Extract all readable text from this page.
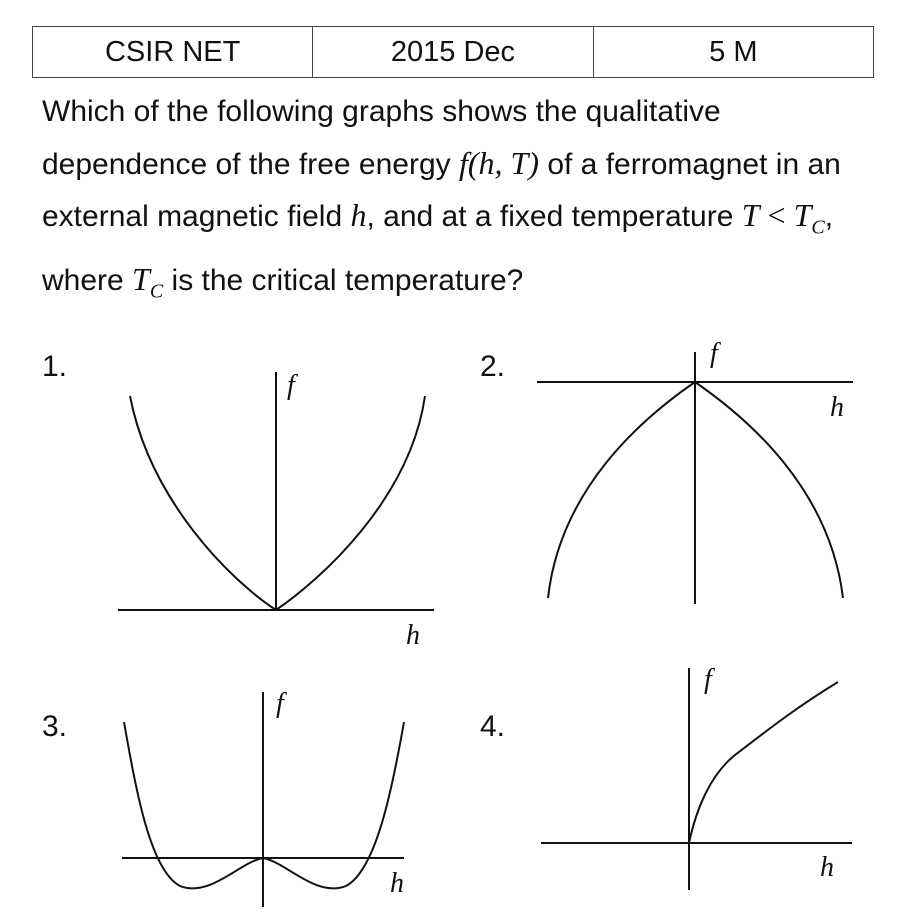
CSIR NET	2015 Dec	5 M
Which of the following graphs shows the qualitative dependence of the free energy f(h, T) of a ferromagnet in an external magnetic field h, and at a fixed temperature $T < T_C$, where $T_C$ is the critical temperature?
1.	2.
3.	4.
f
h
f
h
f
h
f
h
